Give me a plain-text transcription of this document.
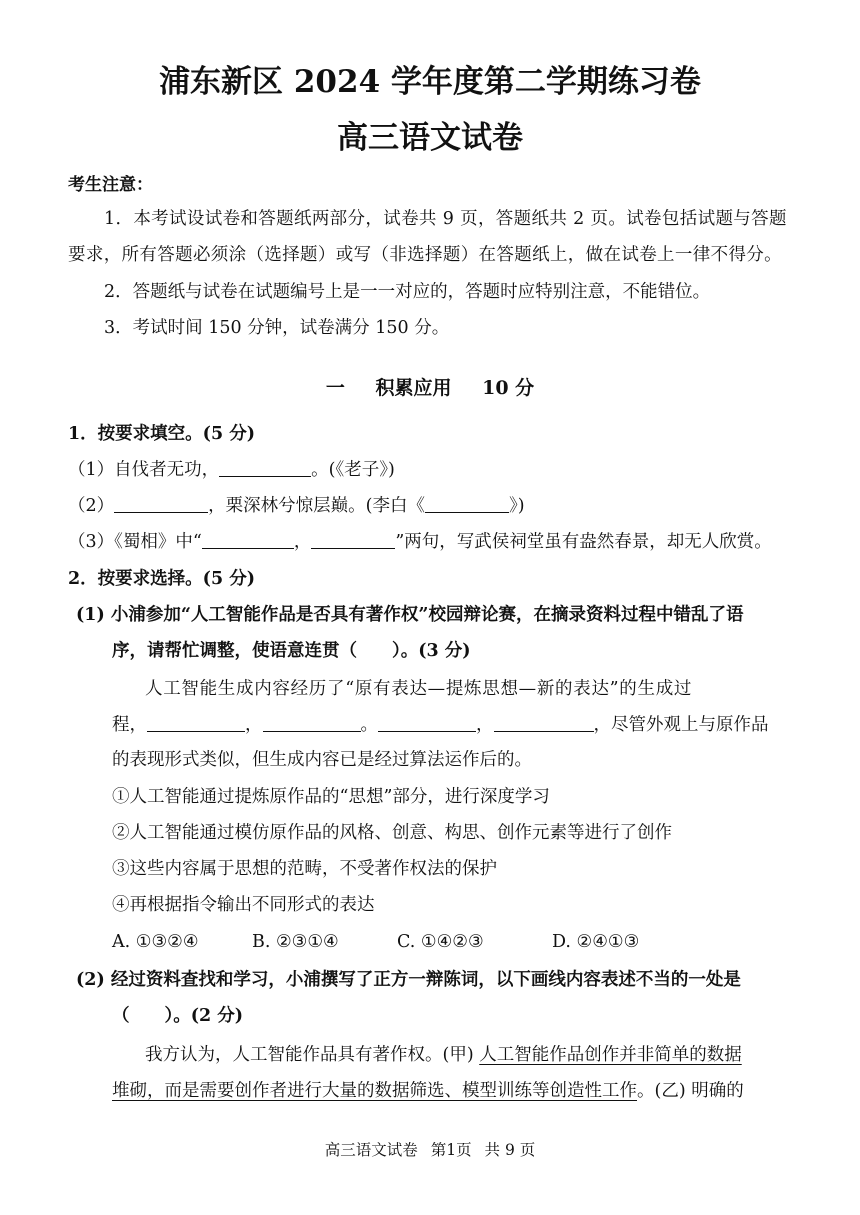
浦东新区 2024 学年度第二学期练习卷
高三语文试卷
考生注意：
1．本考试设试卷和答题纸两部分，试卷共 9 页，答题纸共 2 页。试卷包括试题与答题
要求，所有答题必须涂（选择题）或写（非选择题）在答题纸上，做在试卷上一律不得分。
2．答题纸与试卷在试题编号上是一一对应的，答题时应特别注意，不能错位。
3．考试时间 150 分钟，试卷满分 150 分。
一 积累应用 10 分
1．按要求填空。(5 分)
（1）自伐者无功，	。(《老子》)
（2）	，栗深林兮惊层巅。(李白《	》)
（3）《蜀相》中“	，	”两句，写武侯祠堂虽有盎然春景，却无人欣赏。
2．按要求选择。(5 分)
(1) 小浦参加“人工智能作品是否具有著作权”校园辩论赛，在摘录资料过程中错乱了语
序，请帮忙调整，使语意连贯（　　）。(3 分)
人工智能生成内容经历了“原有表达—提炼思想—新的表达”的生成过
程，	，	。	，	，尽管外观上与原作品
的表现形式类似，但生成内容已是经过算法运作后的。
①人工智能通过提炼原作品的“思想”部分，进行深度学习
②人工智能通过模仿原作品的风格、创意、构思、创作元素等进行了创作
③这些内容属于思想的范畴，不受著作权法的保护
④再根据指令输出不同形式的表达
A. ①③②④	B. ②③①④	C. ①④②③	D. ②④①③
(2) 经过资料查找和学习，小浦撰写了正方一辩陈词，以下画线内容表述不当的一处是
（　　）。(2 分)
我方认为，人工智能作品具有著作权。(甲) 人工智能作品创作并非简单的数据
堆砌，而是需要创作者进行大量的数据筛选、模型训练等创造性工作。(乙) 明确的
高三语文试卷 第1页 共 9 页
